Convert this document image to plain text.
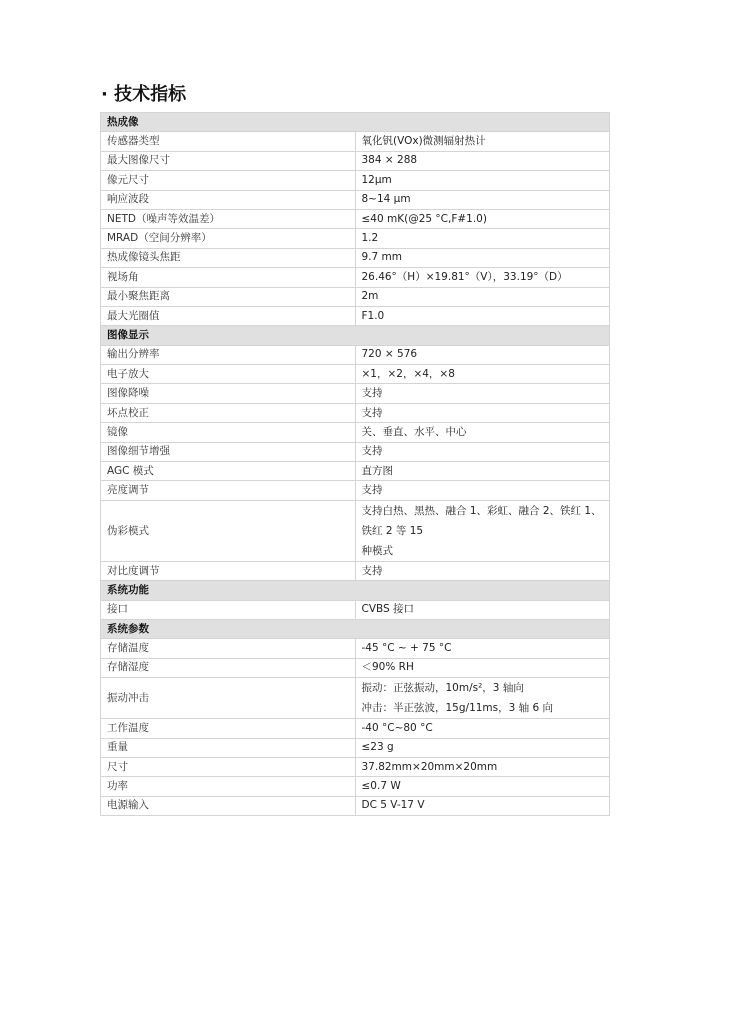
· 技术指标
热成像	
传感器类型	氧化钒(VOx)微测辐射热计

最大图像尺寸	384 × 288

像元尺寸	12μm

响应波段	8~14 μm

NETD（噪声等效温差）	≤40 mK(@25 °C,F#1.0)

MRAD（空间分辨率）	1.2

热成像镜头焦距	9.7 mm

视场角	26.46°（H）×19.81°（V），33.19°（D）

最小聚焦距离	2m

最大光圈值	F1.0

图像显示	
输出分辨率	720 × 576

电子放大	×1，×2，×4，×8

图像降噪	支持

坏点校正	支持

镜像	关、垂直、水平、中心

图像细节增强	支持

AGC 模式	直方图

亮度调节	支持

伪彩模式	支持白热、黑热、融合 1、彩虹、融合 2、铁红 1、铁红 2 等 15
种模式

对比度调节	支持

系统功能	
接口	CVBS 接口

系统参数	
存储温度	-45 °C ~ + 75 °C

存储湿度	＜90% RH

振动冲击	振动：正弦振动，10m/s²，3 轴向
冲击：半正弦波，15g/11ms，3 轴 6 向

工作温度	-40 °C~80 °C

重量	≤23 g

尺寸	37.82mm×20mm×20mm

功率	≤0.7 W

电源输入	DC 5 V-17 V
